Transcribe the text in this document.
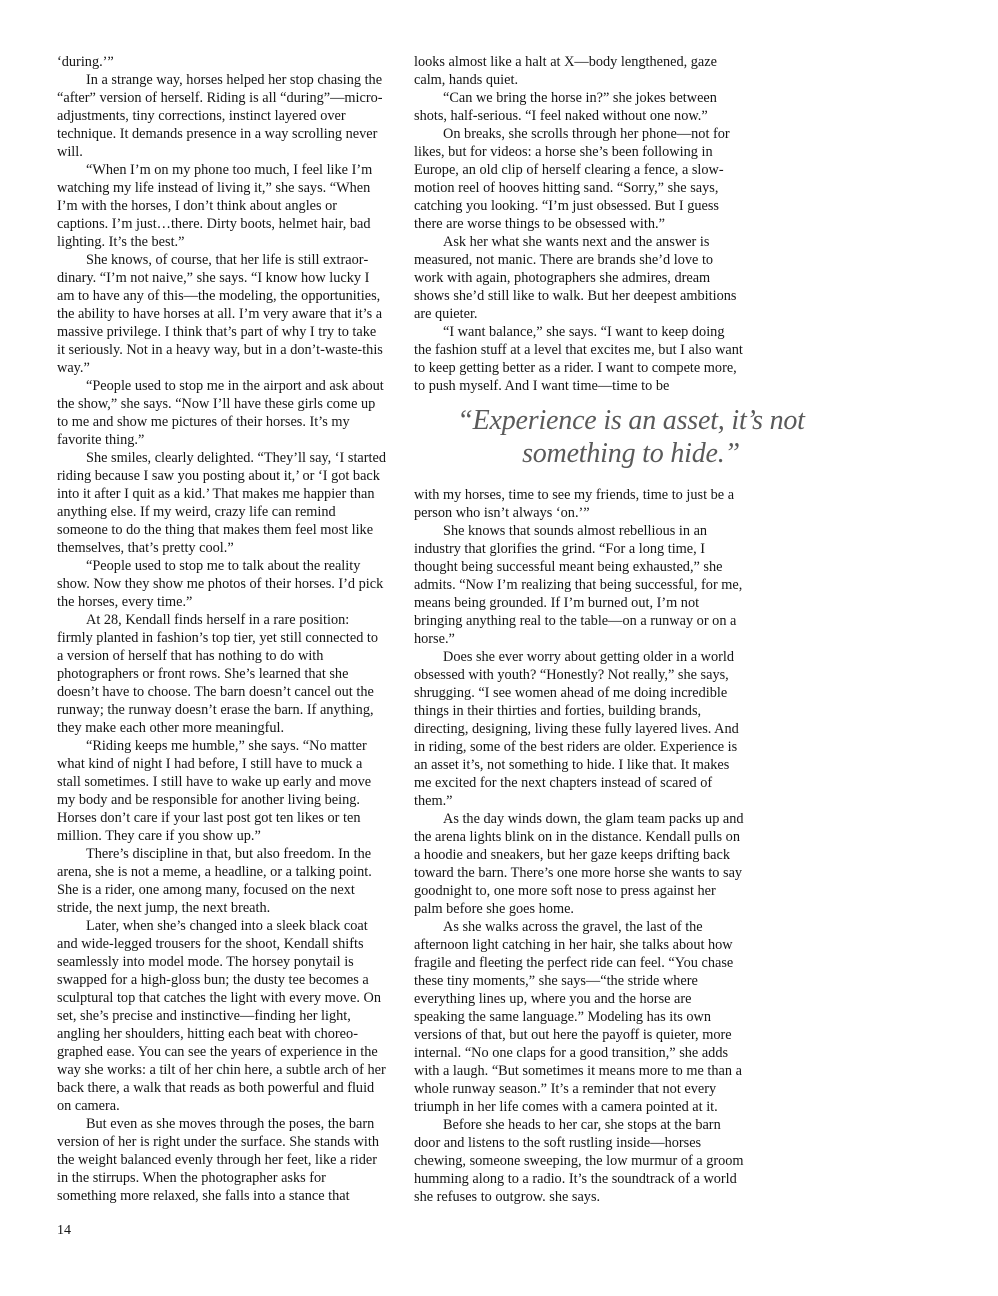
‘during.’”

In a strange way, horses helped her stop chasing the “after” version of herself. Riding is all “during”—micro-adjustments, tiny corrections, instinct layered over technique. It demands presence in a way scrolling never will.

“When I’m on my phone too much, I feel like I’m watching my life instead of living it,” she says. “When I’m with the horses, I don’t think about angles or captions. I’m just…there. Dirty boots, helmet hair, bad lighting. It’s the best.”

She knows, of course, that her life is still extraordinary. “I’m not naive,” she says. “I know how lucky I am to have any of this—the modeling, the opportunities, the ability to have horses at all. I’m very aware that it’s a massive privilege. I think that’s part of why I try to take it seriously. Not in a heavy way, but in a don’t-waste-this way.”

“People used to stop me in the airport and ask about the show,” she says. “Now I’ll have these girls come up to me and show me pictures of their horses. It’s my favorite thing.”

She smiles, clearly delighted. “They’ll say, ‘I started riding because I saw you posting about it,’ or ‘I got back into it after I quit as a kid.’ That makes me happier than anything else. If my weird, crazy life can remind someone to do the thing that makes them feel most like themselves, that’s pretty cool.”

“People used to stop me to talk about the reality show. Now they show me photos of their horses. I’d pick the horses, every time.”

At 28, Kendall finds herself in a rare position: firmly planted in fashion’s top tier, yet still connected to a version of herself that has nothing to do with photographers or front rows. She’s learned that she doesn’t have to choose. The barn doesn’t cancel out the runway; the runway doesn’t erase the barn. If anything, they make each other more meaningful.

“Riding keeps me humble,” she says. “No matter what kind of night I had before, I still have to muck a stall sometimes. I still have to wake up early and move my body and be responsible for another living being. Horses don’t care if your last post got ten likes or ten million. They care if you show up.”

There’s discipline in that, but also freedom. In the arena, she is not a meme, a headline, or a talking point. She is a rider, one among many, focused on the next stride, the next jump, the next breath.

Later, when she’s changed into a sleek black coat and wide-legged trousers for the shoot, Kendall shifts seamlessly into model mode. The horsey ponytail is swapped for a high-gloss bun; the dusty tee becomes a sculptural top that catches the light with every move. On set, she’s precise and instinctive—finding her light, angling her shoulders, hitting each beat with choreographed ease. You can see the years of experience in the way she works: a tilt of her chin here, a subtle arch of her back there, a walk that reads as both powerful and fluid on camera.

But even as she moves through the poses, the barn version of her is right under the surface. She stands with the weight balanced evenly through her feet, like a rider in the stirrups. When the photographer asks for something more relaxed, she falls into a stance that

looks almost like a halt at X—body lengthened, gaze calm, hands quiet.

“Can we bring the horse in?” she jokes between shots, half-serious. “I feel naked without one now.”

On breaks, she scrolls through her phone—not for likes, but for videos: a horse she’s been following in Europe, an old clip of herself clearing a fence, a slow-motion reel of hooves hitting sand. “Sorry,” she says, catching you looking. “I’m just obsessed. But I guess there are worse things to be obsessed with.”

Ask her what she wants next and the answer is measured, not manic. There are brands she’d love to work with again, photographers she admires, dream shows she’d still like to walk. But her deepest ambitions are quieter.

“I want balance,” she says. “I want to keep doing the fashion stuff at a level that excites me, but I also want to keep getting better as a rider. I want to compete more, to push myself. And I want time—time to be

“Experience is an asset, it’s not something to hide.”

with my horses, time to see my friends, time to just be a person who isn’t always ‘on.’”

She knows that sounds almost rebellious in an industry that glorifies the grind. “For a long time, I thought being successful meant being exhausted,” she admits. “Now I’m realizing that being successful, for me, means being grounded. If I’m burned out, I’m not bringing anything real to the table—on a runway or on a horse.”

Does she ever worry about getting older in a world obsessed with youth? “Honestly? Not really,” she says, shrugging. “I see women ahead of me doing incredible things in their thirties and forties, building brands, directing, designing, living these fully layered lives. And in riding, some of the best riders are older. Experience is an asset it’s, not something to hide. I like that. It makes me excited for the next chapters instead of scared of them.”

As the day winds down, the glam team packs up and the arena lights blink on in the distance. Kendall pulls on a hoodie and sneakers, but her gaze keeps drifting back toward the barn. There’s one more horse she wants to say goodnight to, one more soft nose to press against her palm before she goes home.

As she walks across the gravel, the last of the afternoon light catching in her hair, she talks about how fragile and fleeting the perfect ride can feel. “You chase these tiny moments,” she says—“the stride where everything lines up, where you and the horse are speaking the same language.” Modeling has its own versions of that, but out here the payoff is quieter, more internal. “No one claps for a good transition,” she adds with a laugh. “But sometimes it means more to me than a whole runway season.” It’s a reminder that not every triumph in her life comes with a camera pointed at it.

Before she heads to her car, she stops at the barn door and listens to the soft rustling inside—horses chewing, someone sweeping, the low murmur of a groom humming along to a radio. It’s the soundtrack of a world she refuses to outgrow. she says.

14
